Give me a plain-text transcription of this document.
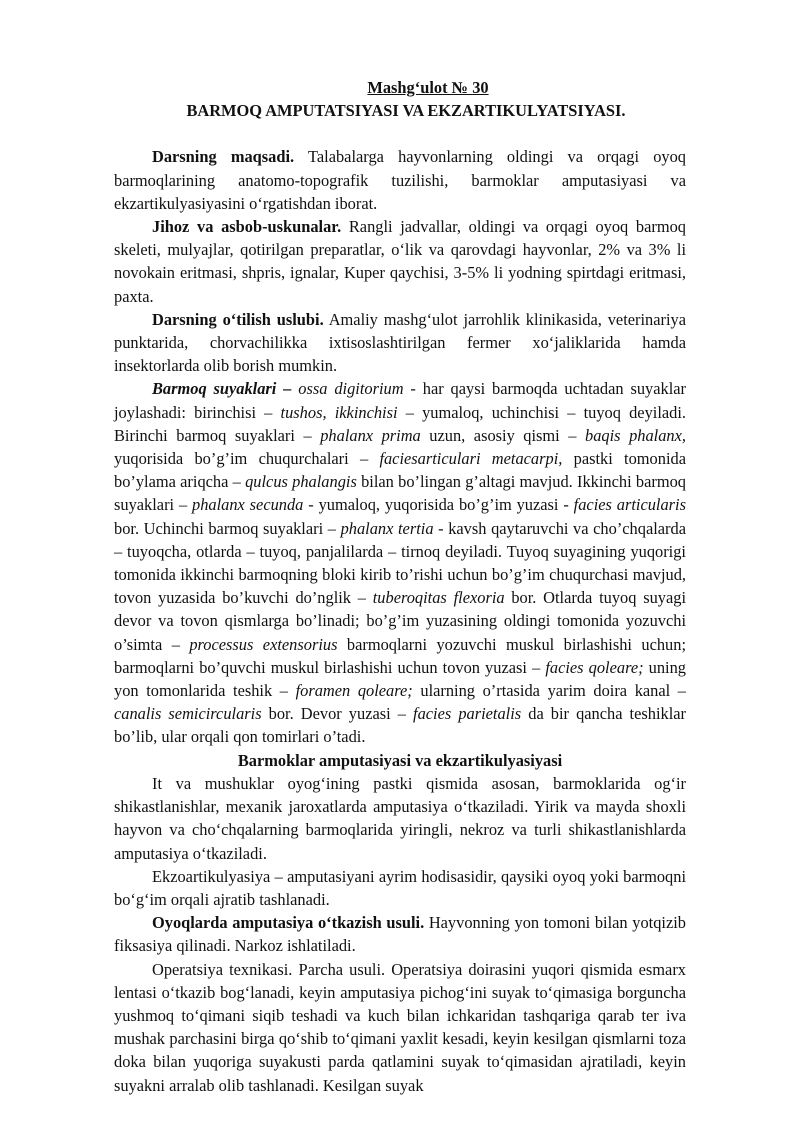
Mashg‘ulot № 30
BARMOQ AMPUTATSIYASI VA EKZARTIKULYATSIYASI.

Darsning maqsadi. Talabalarga hayvonlarning oldingi va orqagi oyoq barmoqlarining anatomo-topografik tuzilishi, barmoklar amputasiyasi va ekzartikulyasiyasini o‘rgatishdan iborat.

Jihoz va asbob-uskunalar. Rangli jadvallar, oldingi va orqagi oyoq barmoq skeleti, mulyajlar, qotirilgan preparatlar, o‘lik va qarovdagi hayvonlar, 2% va 3% li novokain eritmasi, shpris, ignalar, Kuper qaychisi, 3-5% li yodning spirtdagi eritmasi, paxta.

Darsning o‘tilish uslubi. Amaliy mashg‘ulot jarrohlik klinikasida, veterinariya punktarida, chorvachilikka ixtisoslashtirilgan fermer xo‘jaliklarida hamda insektorlarda olib borish mumkin.

Barmoq suyaklari – ossa digitorium - har qaysi barmoqda uchtadan suyaklar joylashadi: birinchisi – tushos, ikkinchisi – yumaloq, uchinchisi – tuyoq deyiladi. Birinchi barmoq suyaklari – phalanx prima uzun, asosiy qismi – baqis phalanx, yuqorisida bo’g’im chuqurchalari – faciesarticulari metacarpi, pastki tomonida bo’ylama ariqcha – qulcus phalangis bilan bo’lingan g’altagi mavjud. Ikkinchi barmoq suyaklari – phalanx secunda - yumaloq, yuqorisida bo’g’im yuzasi - facies articularis bor. Uchinchi barmoq suyaklari – phalanx tertia - kavsh qaytaruvchi va cho’chqalarda – tuyoqcha, otlarda – tuyoq, panjalilarda – tirnoq deyiladi. Tuyoq suyagining yuqorigi tomonida ikkinchi barmoqning bloki kirib to’rishi uchun bo’g’im chuqurchasi mavjud, tovon yuzasida bo’kuvchi do’nglik – tuberoqitas flexoria bor. Otlarda tuyoq suyagi devor va tovon qismlarga bo’linadi; bo’g’im yuzasining oldingi tomonida yozuvchi o’simta – processus extensorius barmoqlarni yozuvchi muskul birlashishi uchun; barmoqlarni bo’quvchi muskul birlashishi uchun tovon yuzasi – facies qoleare; uning yon tomonlarida teshik – foramen qoleare; ularning o’rtasida yarim doira kanal – canalis semicircularis bor. Devor yuzasi – facies parietalis da bir qancha teshiklar bo’lib, ular orqali qon tomirlari o’tadi.

Barmoklar amputasiyasi va ekzartikulyasiyasi

It va mushuklar oyog‘ining pastki qismida asosan, barmoklarida og‘ir shikastlanishlar, mexanik jaroxatlarda amputasiya o‘tkaziladi. Yirik va mayda shoxli hayvon va cho‘chqalarning barmoqlarida yiringli, nekroz va turli shikastlanishlarda amputasiya o‘tkaziladi.

Ekzoartikulyasiya – amputasiyani ayrim hodisasidir, qaysiki oyoq yoki barmoqni bo‘g‘im orqali ajratib tashlanadi.

Oyoqlarda amputasiya o‘tkazish usuli. Hayvonning yon tomoni bilan yotqizib fiksasiya qilinadi. Narkoz ishlatiladi.

Operatsiya texnikasi. Parcha usuli. Operatsiya doirasini yuqori qismida esmarx lentasi o‘tkazib bog‘lanadi, keyin amputasiya pichog‘ini suyak to‘qimasiga borguncha yushmoq to‘qimani siqib teshadi va kuch bilan ichkaridan tashqariga qarab ter iva mushak parchasini birga qo‘shib to‘qimani yaxlit kesadi, keyin kesilgan qismlarni toza doka bilan yuqoriga suyakusti parda qatlamini suyak to‘qimasidan ajratiladi, keyin suyakni arralab olib tashlanadi. Kesilgan suyak
